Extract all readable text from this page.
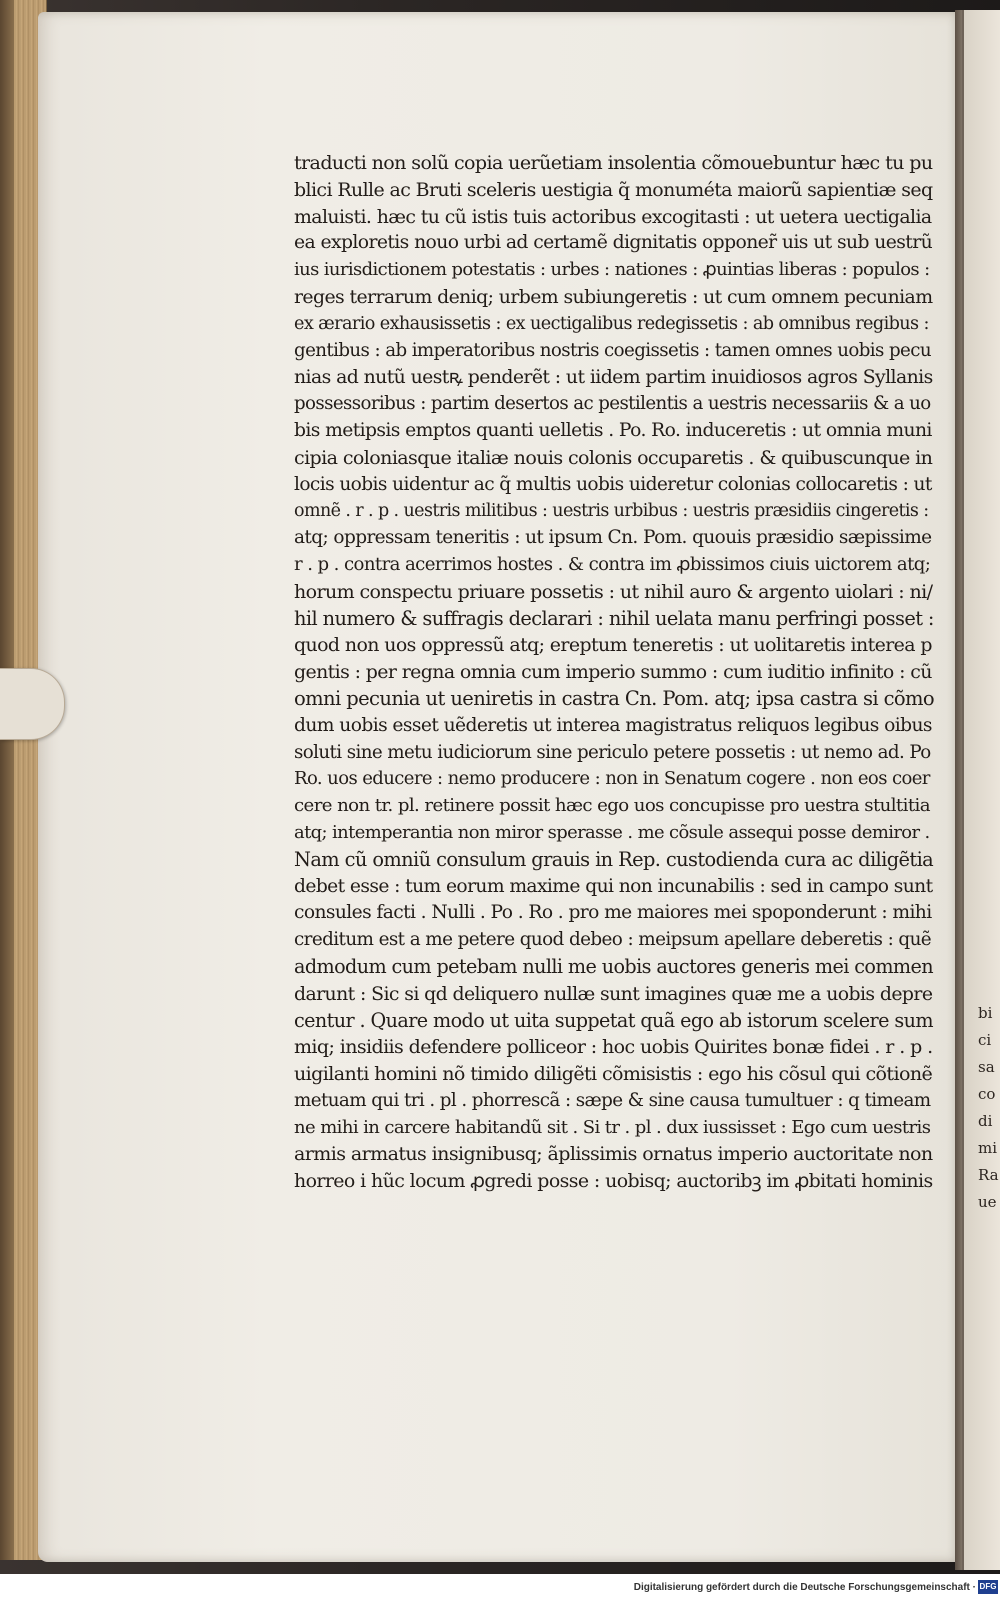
bi
ci
sa
co
di
mi
Ra
ue
traducti non solũ copia uerũetiam insolentia cõmouebuntur hæc tu pu
blici Rulle ac Bruti sceleris uestigia q̃ monuméta maiorũ sapientiæ seq
maluisti. hæc tu cũ istis tuis actoribus excogitasti : ut uetera uectigalia
ea exploretis nouo urbi ad certamẽ dignitatis opponer̃ uis ut sub uestrũ
ius iurisdictionem potestatis : urbes : nationes : ꝓuintias liberas : populos :
reges terrarum deniq; urbem subiungeretis : ut cum omnem pecuniam
ex ærario exhausissetis : ex uectigalibus redegissetis : ab omnibus regibus :
gentibus : ab imperatoribus nostris coegissetis : tamen omnes uobis pecu
nias ad nutũ uestꝶ penderẽt : ut iidem partim inuidiosos agros Syllanis
possessoribus : partim desertos ac pestilentis a uestris necessariis & a uo
bis metipsis emptos quanti uelletis . Po. Ro. induceretis : ut omnia muni
cipia coloniasque italiæ nouis colonis occuparetis . & quibuscunque in
locis uobis uidentur ac q̃ multis uobis uideretur colonias collocaretis : ut
omnẽ . r . p . uestris militibus : uestris urbibus : uestris præsidiis cingeretis :
atq; oppressam teneritis : ut ipsum Cn. Pom. quouis præsidio sæpissime
r . p . contra acerrimos hostes . & contra im ꝓbissimos ciuis uictorem atq;
horum conspectu priuare possetis : ut nihil auro & argento uiolari : ni/
hil numero & suffragis declarari : nihil uelata manu perfringi posset :
quod non uos oppressũ atq; ereptum teneretis : ut uolitaretis interea p
gentis : per regna omnia cum imperio summo : cum iuditio infinito : cũ
omni pecunia ut ueniretis in castra Cn. Pom. atq; ipsa castra si cõmo
dum uobis esset uẽderetis ut interea magistratus reliquos legibus oibus
soluti sine metu iudiciorum sine periculo petere possetis : ut nemo ad. Po
Ro. uos educere : nemo producere : non in Senatum cogere . non eos coer
cere non tr. pl. retinere possit hæc ego uos concupisse pro uestra stultitia
atq; intemperantia non miror sperasse . me cõsule assequi posse demiror .
Nam cũ omniũ consulum grauis in Rep. custodienda cura ac diligẽtia
debet esse : tum eorum maxime qui non incunabilis : sed in campo sunt
consules facti . Nulli . Po . Ro . pro me maiores mei spoponderunt : mihi
creditum est a me petere quod debeo : meipsum apellare deberetis : quẽ
admodum cum petebam nulli me uobis auctores generis mei commen
darunt : Sic si qd deliquero nullæ sunt imagines quæ me a uobis depre
centur . Quare modo ut uita suppetat quã ego ab istorum scelere sum
miq; insidiis defendere polliceor : hoc uobis Quirites bonæ fidei . r . p .
uigilanti homini nõ timido diligẽti cõmisistis : ego his cõsul qui cõtionẽ
metuam qui tri . pl . phorrescã : sæpe & sine causa tumultuer : q timeam
ne mihi in carcere habitandũ sit . Si tr . pl . dux iussisset : Ego cum uestris
armis armatus insignibusq; ãplissimis ornatus imperio auctoritate non
horreo i hũc locum ꝓgredi posse : uobisq; auctoribꝫ im ꝓbitati hominis
Digitalisierung gefördert durch die Deutsche Forschungsgemeinschaft · DFG
